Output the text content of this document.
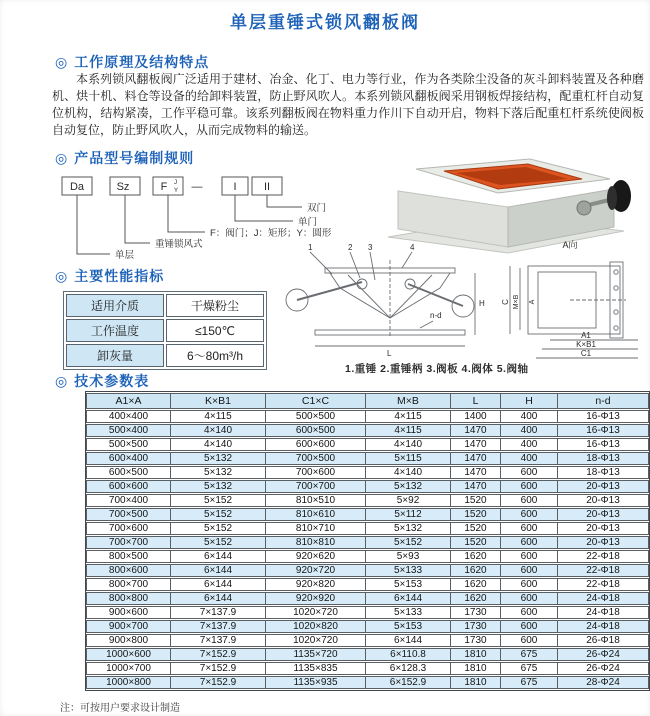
单层重锤式锁风翻板阀
◎ 工作原理及结构特点
本系列锁风翻板阀广泛适用于建材、冶金、化丁、电力等行业，作为各类除尘没备的灰斗卸料装置及各种磨机、烘十机、料仓等设备的给卸料装置，防止野风吹人。本系列锁风翻板阀采用钢板焊接结构，配重杠杆自动复位机构，结构紧凑，工作平稳可靠。该系列翻板阀在物料重力作川下自动开启，物料下落后配重杠杆系统使阀板自动复位，防止野风吹人，从而完成物料的输送。
◎ 产品型号编制规则
Da	Sz	F J
Y —	I II
双门
单门
F：阀门；J：矩形；Y：圆形
重锤锁风式
单层
◎ 主要性能指标
适用介质	干燥粉尘
工作温度	≤150℃
卸灰量	6～80m³/h
1	2 3	4
H
n-d
L
C M×B A
A1
K×B1
C1
A向
1.重锤 2.重锤柄 3.阀板 4.阀体 5.阀轴
◎ 技术参数表
A1×A	K×B1	C1×C	M×B	L	H	n-d
400×400	4×115	500×500	4×115	1400	400	16-Φ13
500×400	4×140	600×500	4×115	1470	400	16-Φ13
500×500	4×140	600×600	4×140	1470	400	16-Φ13
600×400	5×132	700×500	5×115	1470	400	18-Φ13
600×500	5×132	700×600	4×140	1470	600	18-Φ13
600×600	5×132	700×700	5×132	1470	600	20-Φ13
700×400	5×152	810×510	5×92	1520	600	20-Φ13
700×500	5×152	810×610	5×112	1520	600	20-Φ13
700×600	5×152	810×710	5×132	1520	600	20-Φ13
700×700	5×152	810×810	5×152	1520	600	20-Φ13
800×500	6×144	920×620	5×93	1620	600	22-Φ18
800×600	6×144	920×720	5×133	1620	600	22-Φ18
800×700	6×144	920×820	5×153	1620	600	22-Φ18
800×800	6×144	920×920	6×144	1620	600	24-Φ18
900×600	7×137.9	1020×720	5×133	1730	600	24-Φ18
900×700	7×137.9	1020×820	5×153	1730	600	24-Φ18
900×800	7×137.9	1020×720	6×144	1730	600	26-Φ18
1000×600	7×152.9	1135×720	6×110.8	1810	675	26-Φ24
1000×700	7×152.9	1135×835	6×128.3	1810	675	26-Φ24
1000×800	7×152.9	1135×935	6×152.9	1810	675	28-Φ24
注：可按用户要求设计制造
